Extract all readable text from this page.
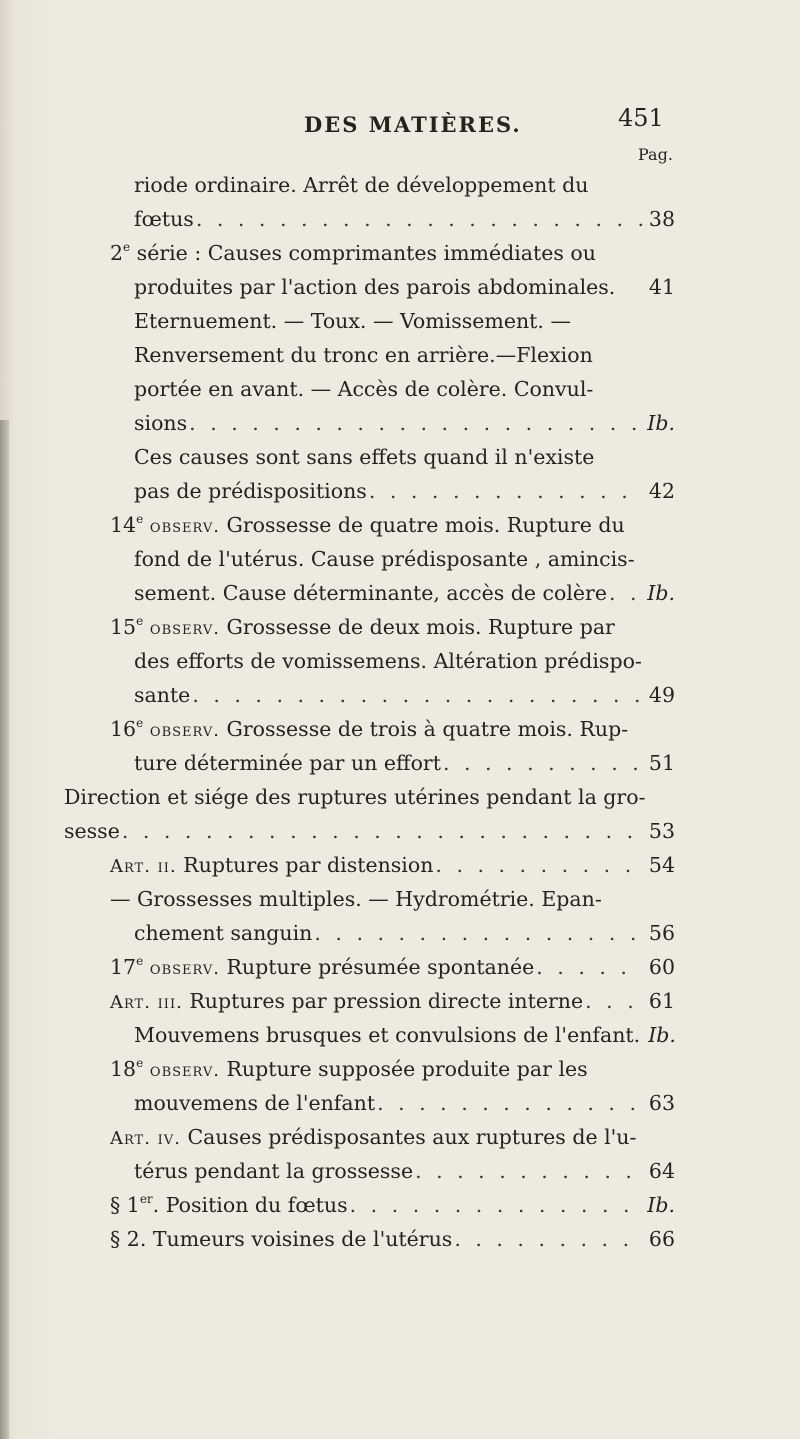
DES MATIÈRES.	451
Pag.
riode ordinaire. Arrêt de développement du
fœtus . . .	38
2e série : Causes comprimantes immédiates ou
produites par l'action des parois abdominales. 41
Eternuement. — Toux. — Vomissement. —
Renversement du tronc en arrière.—Flexion
portée en avant. — Accès de colère. Convul-
sions . . .	Ib.
Ces causes sont sans effets quand il n'existe
pas de prédispositions . . .	42
14e observ. Grossesse de quatre mois. Rupture du
fond de l'utérus. Cause prédisposante , amincis-
sement. Cause déterminante, accès de colère . . . Ib.
15e observ. Grossesse de deux mois. Rupture par
des efforts de vomissemens. Altération prédispo-
sante . . .	49
16e observ. Grossesse de trois à quatre mois. Rup-
ture déterminée par un effort . . .	51
Direction et siége des ruptures utérines pendant la gro-
sesse . . .	53
Art. ii. Ruptures par distension . . .	54
— Grossesses multiples. — Hydrométrie. Epan-
chement sanguin . . .	56
17e observ. Rupture présumée spontanée . . .	60
Art. iii. Ruptures par pression directe interne . . .	61
Mouvemens brusques et convulsions de l'enfant. Ib.
18e observ. Rupture supposée produite par les
mouvemens de l'enfant . . .	63
Art. iv. Causes prédisposantes aux ruptures de l'u-
térus pendant la grossesse . . .	64
§ 1er. Position du fœtus . . .	Ib.
§ 2. Tumeurs voisines de l'utérus . . .	66
